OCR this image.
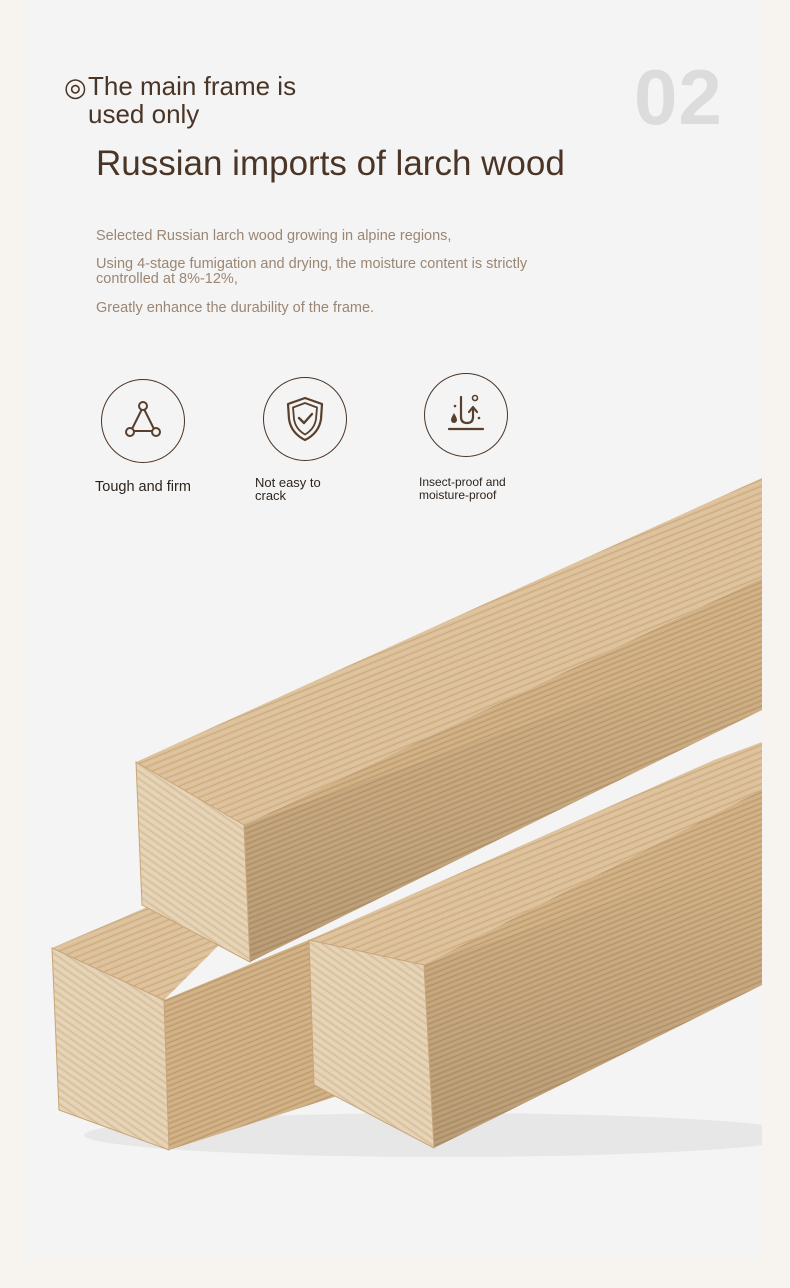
02
◎ The main frame is used only
Russian imports of larch wood
Selected Russian larch wood growing in alpine regions,
Using 4-stage fumigation and drying, the moisture content is strictly controlled at 8%-12%,
Greatly enhance the durability of the frame.
Tough and firm	Not easy to crack
Insect-proof and moisture-proof
